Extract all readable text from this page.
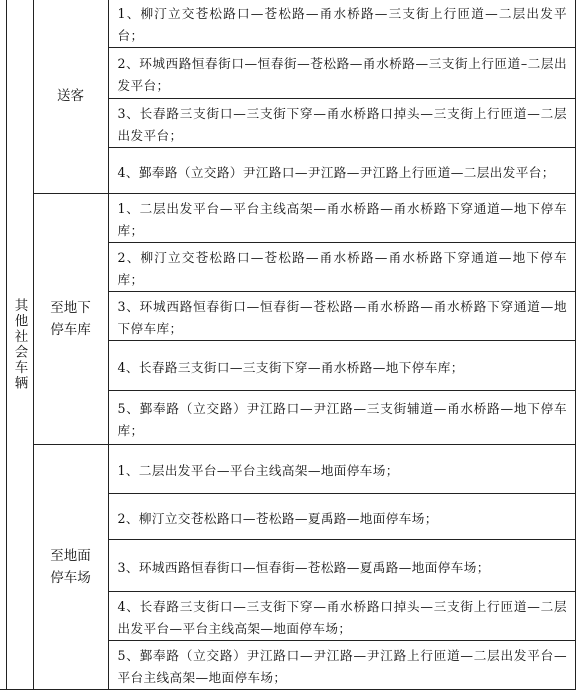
	其他社会车辆	送客	1、柳汀立交苍松路口—苍松路—甬水桥路—三支街上行匝道—二层出发平台；
			2、环城西路恒春街口—恒春街—苍松路—甬水桥路—三支街上行匝道–二层出发平台；
			3、长春路三支街口—三支街下穿—甬水桥路口掉头—三支街上行匝道—二层出发平台；
			4、鄞奉路（立交路）尹江路口—尹江路—尹江路上行匝道—二层出发平台；

		至地下停车库	1、二层出发平台—平台主线高架—甬水桥路—甬水桥路下穿通道—地下停车库；
			2、柳汀立交苍松路口—苍松路—甬水桥路—甬水桥路下穿通道—地下停车库；
			3、环城西路恒春街口—恒春街—苍松路—甬水桥路—甬水桥路下穿通道—地下停车库；
			4、长春路三支街口—三支街下穿—甬水桥路—地下停车库；
			5、鄞奉路（立交路）尹江路口—尹江路—三支街辅道—甬水桥路—地下停车库；

		至地面停车场	1、二层出发平台—平台主线高架—地面停车场；
			2、柳汀立交苍松路口—苍松路—夏禹路—地面停车场；
			3、环城西路恒春街口—恒春街—苍松路—夏禹路—地面停车场；
			4、长春路三支街口—三支街下穿—甬水桥路口掉头—三支街上行匝道—二层出发平台—平台主线高架—地面停车场；
			5、鄞奉路（立交路）尹江路口—尹江路—尹江路上行匝道—二层出发平台—平台主线高架—地面停车场；
